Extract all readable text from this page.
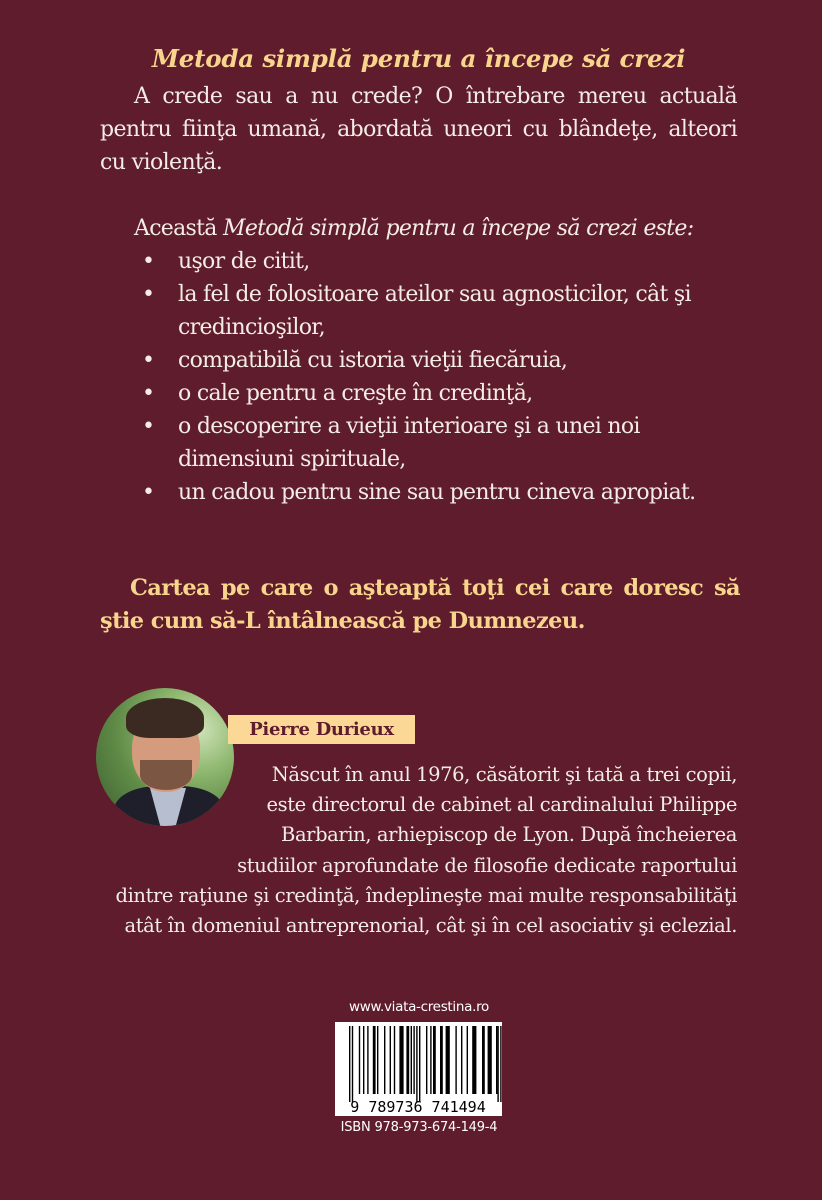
Metoda simplă pentru a începe să crezi
A crede sau a nu crede? O întrebare mereu actuală pentru fiinţa umană, abordată uneori cu blândeţe, alteori cu violenţă.
Această Metodă simplă pentru a începe să crezi este:
• uşor de citit,
• la fel de folositoare ateilor sau agnosticilor, cât şi credincioşilor,
• compatibilă cu istoria vieţii fiecăruia,
• o cale pentru a creşte în credinţă,
• o descoperire a vieţii interioare şi a unei noi dimensiuni spirituale,
• un cadou pentru sine sau pentru cineva apropiat.
Cartea pe care o aşteaptă toţi cei care doresc să ştie cum să-L întâlnească pe Dumnezeu.
Pierre Durieux
Născut în anul 1976, căsătorit şi tată a trei copii,
este directorul de cabinet al cardinalului Philippe
Barbarin, arhiepiscop de Lyon. După încheierea
studiilor aprofundate de filosofie dedicate raportului
dintre raţiune şi credinţă, îndeplineşte mai multe responsabilităţi
atât în domeniul antreprenorial, cât şi în cel asociativ şi eclezial.
www.viata-crestina.ro
9 789736 741494
ISBN 978-973-674-149-4
